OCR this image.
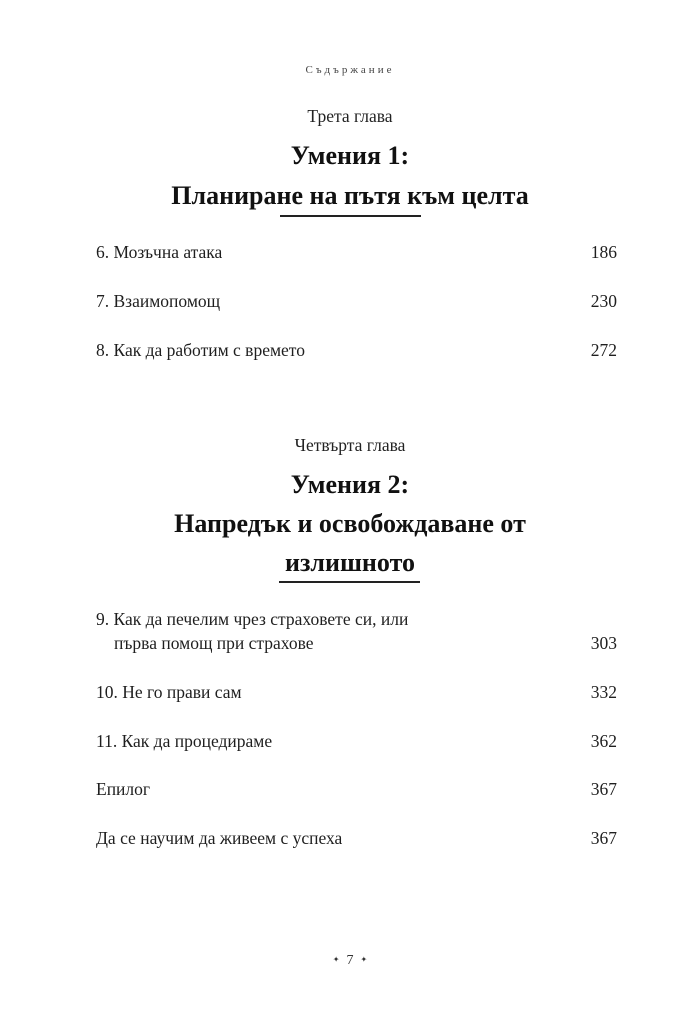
Съдържание
Трета глава
Умения 1:
Планиране на пътя към целта
6. Мозъчна атака	186
7. Взаимопомощ	230
8. Как да работим с времето	272
Четвърта глава
Умения 2:
Напредък и освобождаване от
излишното
9. Как да печелим чрез страховете си, или
първа помощ при страхове	303
10. Не го прави сам	332
11. Как да процедираме	362
Епилог	367
Да се научим да живеем с успеха	367
✦ 7 ✦
